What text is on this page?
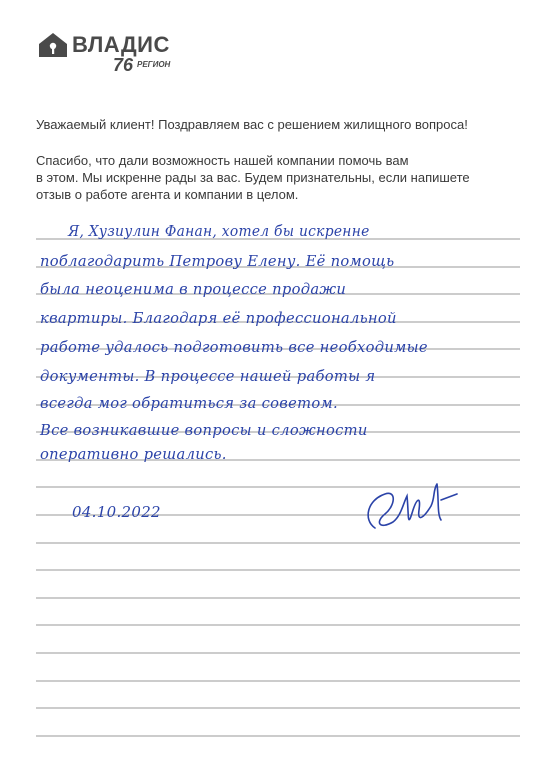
ВЛАДИС
76 РЕГИОН

Уважаемый клиент! Поздравляем вас с решением жилищного вопроса!

Спасибо, что дали возможность нашей компании помочь вам
в этом. Мы искренне рады за вас. Будем признательны, если напишете
отзыв о работе агента и компании в целом.

Я, Хузиулин Фанан, хотел бы искренне
поблагодарить Петрову Елену. Её помощь
была неоценима в процессе продажи
квартиры. Благодаря её профессиональной
работе удалось подготовить все необходимые
документы. В процессе нашей работы я
всегда мог обратиться за советом.
Все возникавшие вопросы и сложности
оперативно решались.
04.10.2022
